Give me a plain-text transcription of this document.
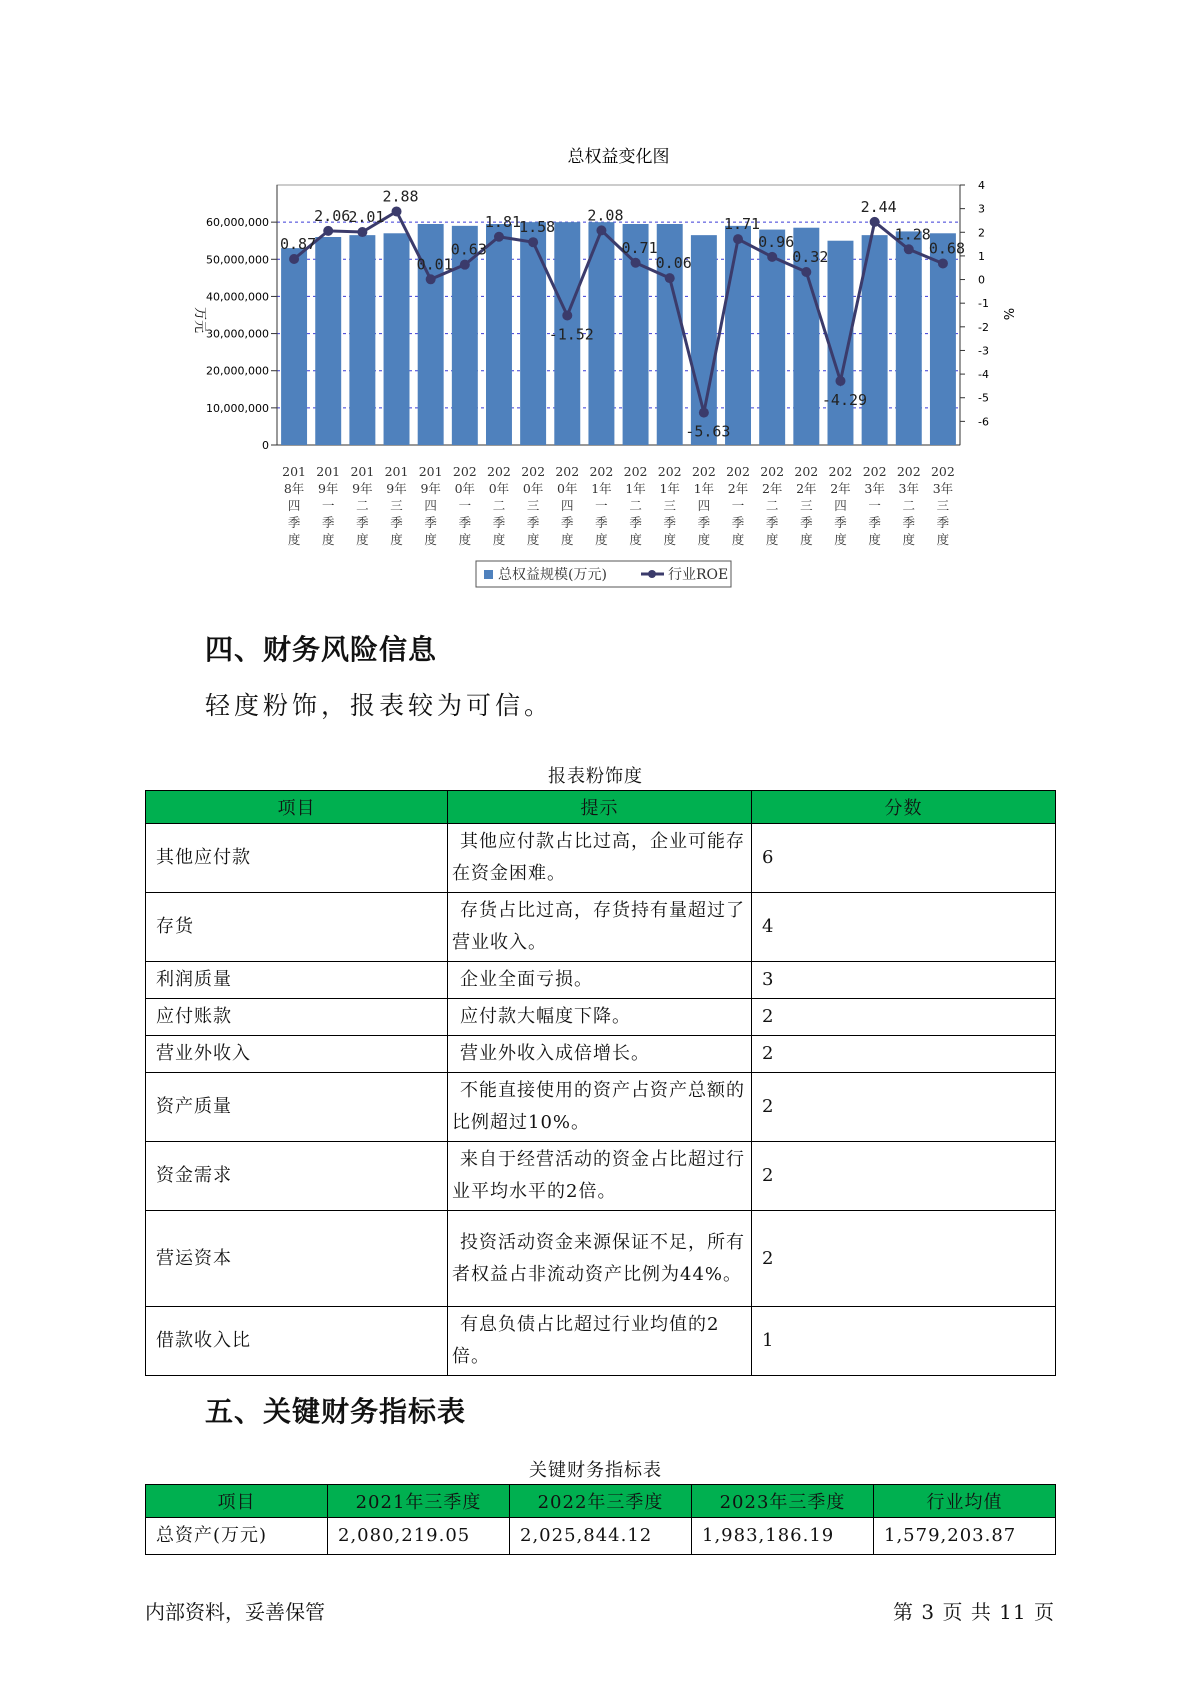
总权益变化图
0
10,000,000
20,000,000
30,000,000
40,000,000
50,000,000
60,000,000
-6
-5
-4
-3
-2
-1
0
1
2
3
4
万元	%
0.87
2.06
2.01
2.88
0.01
0.63
1.81
1.58
-1.52
2.08
0.71
0.06
-5.63
1.71
0.96
0.32
-4.29
2.44
1.28
0.68
201
8年
四
季
度
201
9年
一
季
度
201
9年
二
季
度
201
9年
三
季
度
201
9年
四
季
度
202
0年
一
季
度
202
0年
二
季
度
202
0年
三
季
度
202
0年
四
季
度
202
1年
一
季
度
202
1年
二
季
度
202
1年
三
季
度
202
1年
四
季
度
202
2年
一
季
度
202
2年
二
季
度
202
2年
三
季
度
202
2年
四
季
度
202
3年
一
季
度
202
3年
二
季
度
202
3年
三
季
度
总权益规模(万元)	行业ROE
四、财务风险信息

轻度粉饰，报表较为可信。

报表粉饰度
项目	提示	分数
其他应付款	其他应付款占比过高，企业可能存在资金困难。	6
存货	存货占比过高，存货持有量超过了营业收入。	4
利润质量	企业全面亏损。	3
应付账款	应付款大幅度下降。	2
营业外收入	营业外收入成倍增长。	2
资产质量	不能直接使用的资产占资产总额的比例超过10%。	2
资金需求	来自于经营活动的资金占比超过行业平均水平的2倍。	2
营运资本	投资活动资金来源保证不足，所有者权益占非流动资产比例为44%。	2
借款收入比	有息负债占比超过行业均值的2倍。	1
五、关键财务指标表
关键财务指标表
项目	2021年三季度	2022年三季度	2023年三季度	行业均值
总资产(万元)	2,080,219.05	2,025,844.12	1,983,186.19	1,579,203.87
内部资料，妥善保管	第 3 页 共 11 页
